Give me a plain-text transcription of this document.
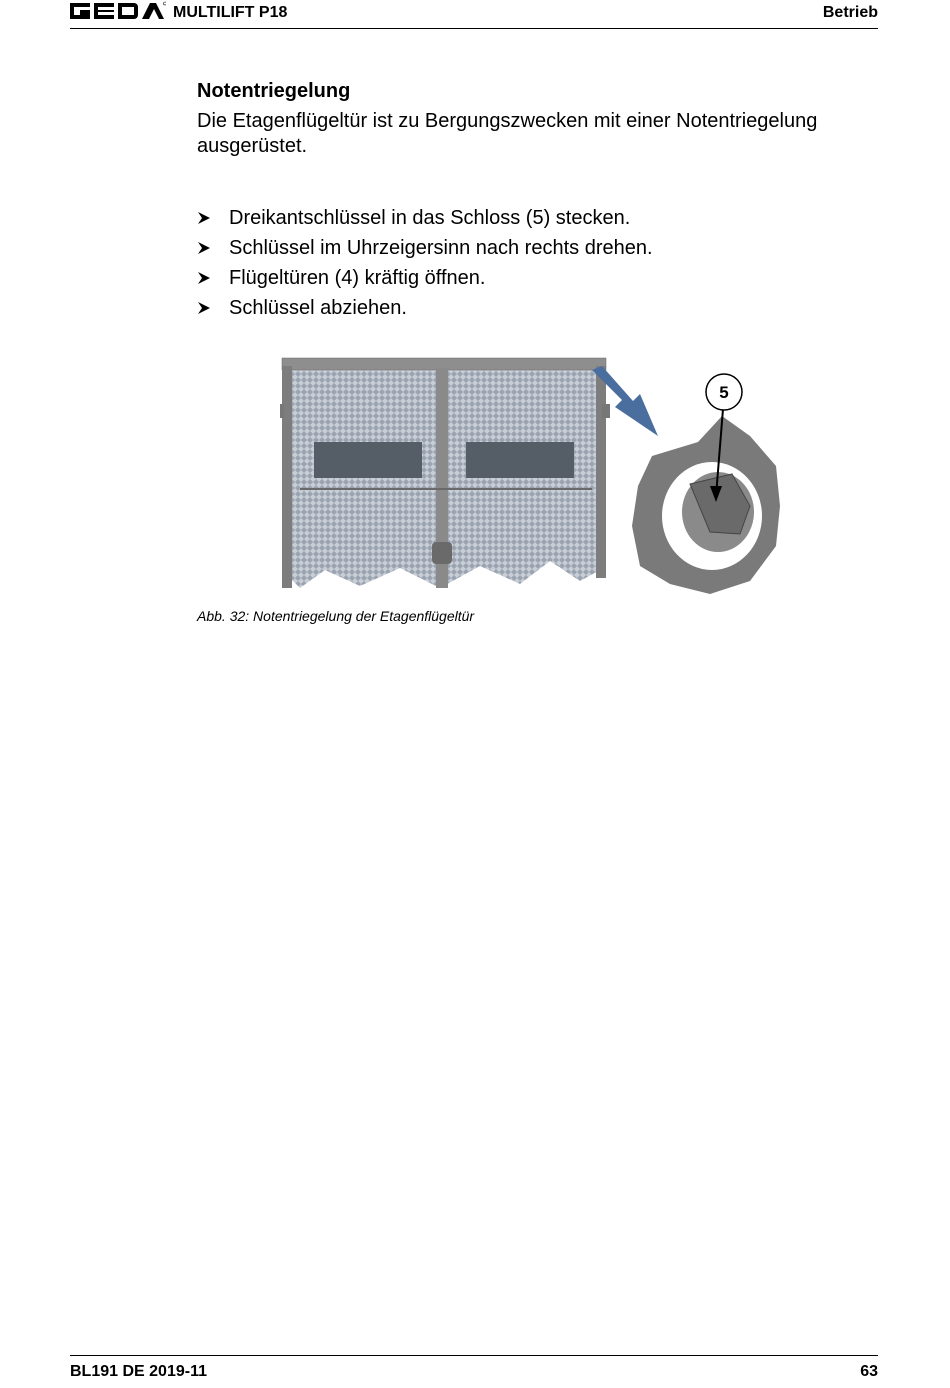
MULTILIFT P18	Betrieb
Notentriegelung
Die Etagenflügeltür ist zu Bergungszwecken mit einer Notentriegelung ausgerüstet.
Dreikantschlüssel in das Schloss (5) stecken.
Schlüssel im Uhrzeigersinn nach rechts drehen.
Flügeltüren (4) kräftig öffnen.
Schlüssel abziehen.
5
Abb. 32: Notentriegelung der Etagenflügeltür
BL191 DE 2019-11	63
